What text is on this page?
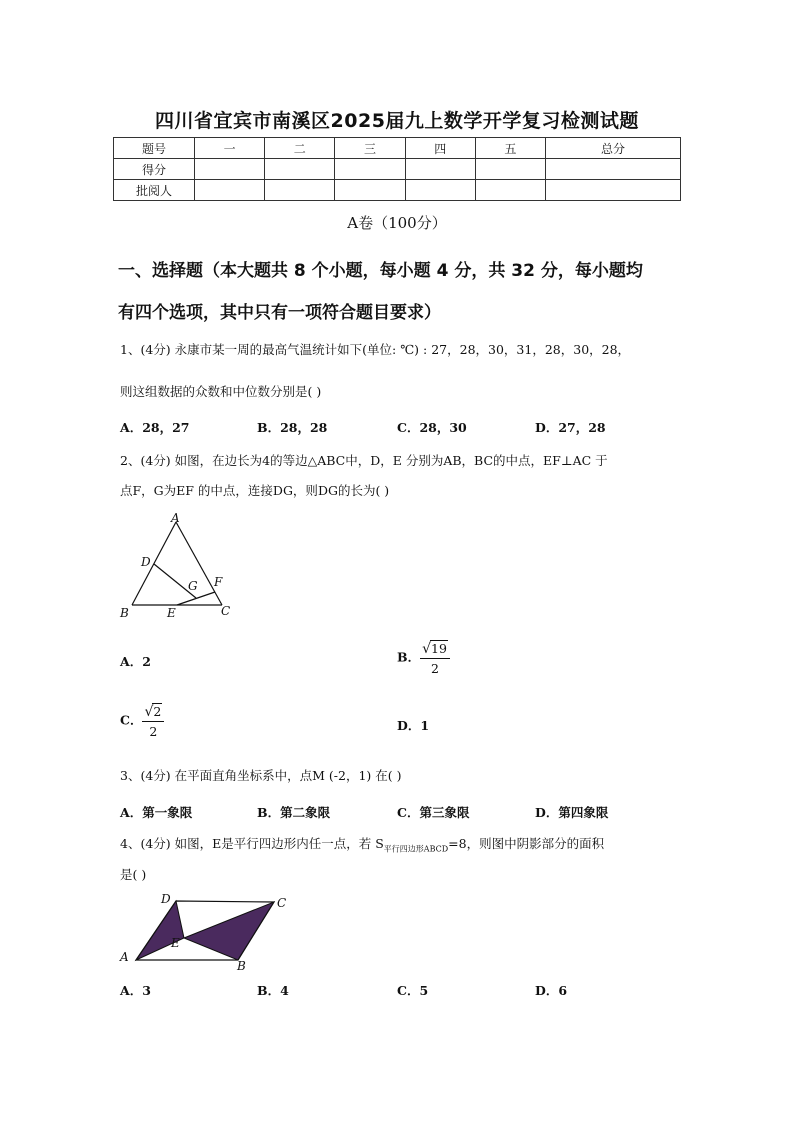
四川省宜宾市南溪区2025届九上数学开学复习检测试题
题号	一	二	三	四	五	总分
得分						
批阅人						
A卷（100分）
一、选择题（本大题共 8 个小题，每小题 4 分，共 32 分，每小题均
有四个选项，其中只有一项符合题目要求）
1、(4分) 永康市某一周的最高气温统计如下(单位: ℃) : 27，28，30，31，28，30，28，
则这组数据的众数和中位数分别是( )
A．28，27	B．28，28	C．28，30	D．27，28
2、(4分) 如图，在边长为4的等边△ABC中，D，E 分别为AB，BC的中点，EF⊥AC 于
点F，G为EF 的中点，连接DG，则DG的长为( )
A
D
G F
B	E	C
A．2	B． $\frac{√19}{2}$
C． $\frac{√2}{2}$	D．1
3、(4分) 在平面直角坐标系中，点M (-2，1) 在( )
A．第一象限	B．第二象限	C．第三象限	D．第四象限
4、(4分) 如图，E是平行四边形内任一点，若 $S_{平行四边形ABCD}=8$，则图中阴影部分的面积
是( )
D	C
E
A
B
A．3	B．4	C．5	D．6
